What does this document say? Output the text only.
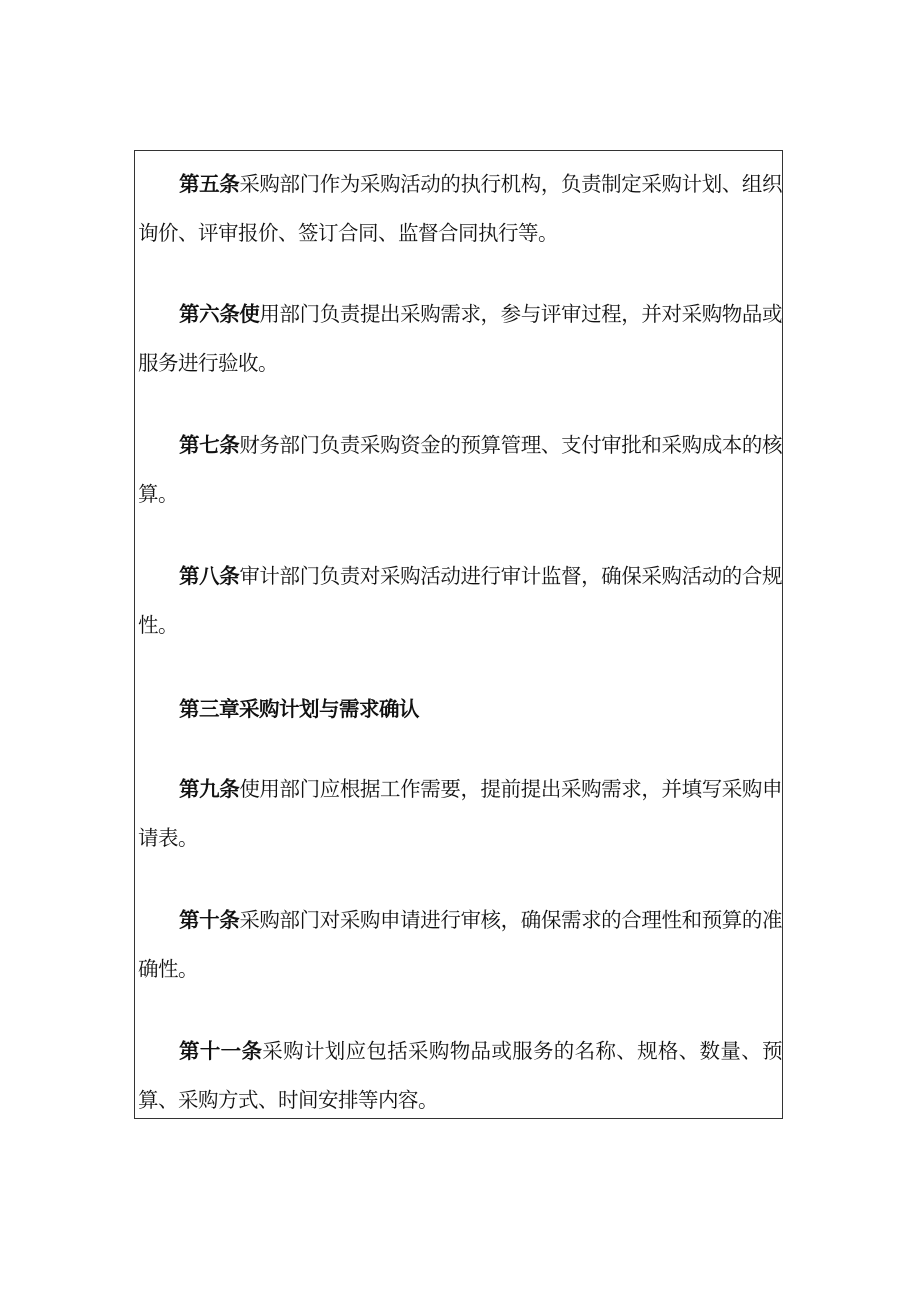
第五条采购部门作为采购活动的执行机构，负责制定采购计划、组织询价、评审报价、签订合同、监督合同执行等。

第六条使用部门负责提出采购需求，参与评审过程，并对采购物品或服务进行验收。

第七条财务部门负责采购资金的预算管理、支付审批和采购成本的核算。

第八条审计部门负责对采购活动进行审计监督，确保采购活动的合规性。

第三章采购计划与需求确认

第九条使用部门应根据工作需要，提前提出采购需求，并填写采购申请表。

第十条采购部门对采购申请进行审核，确保需求的合理性和预算的准确性。

第十一条采购计划应包括采购物品或服务的名称、规格、数量、预算、采购方式、时间安排等内容。
